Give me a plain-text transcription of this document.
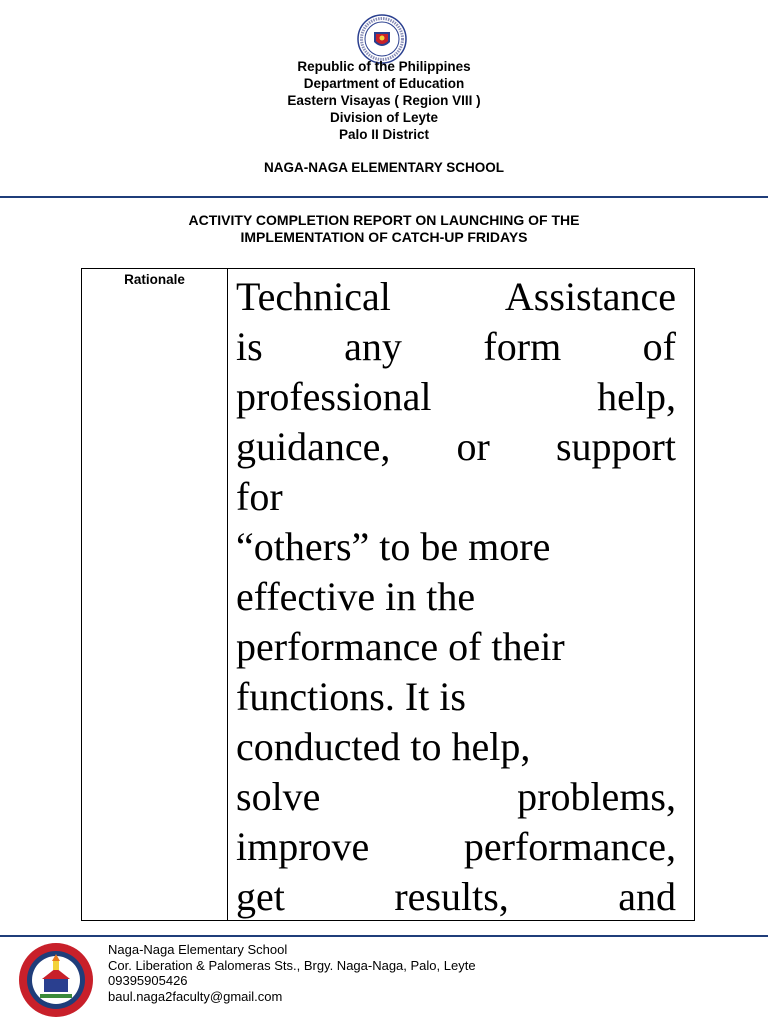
Republic of the Philippines
Department of Education
Eastern Visayas ( Region VIII )
Division of Leyte
Palo II District
NAGA-NAGA ELEMENTARY SCHOOL
ACTIVITY COMPLETION REPORT ON LAUNCHING OF THE
IMPLEMENTATION OF CATCH-UP FRIDAYS
Rationale	Technical	Assistance
is any form of
professional	help,
guidance, or support
for
“others” to be more
effective in the
performance of their
functions. It is
conducted to help,
solve	problems,
improve performance,
get	results,	and
Naga-Naga Elementary School
Cor. Liberation & Palomeras Sts., Brgy. Naga-Naga, Palo, Leyte
09395905426
baul.naga2faculty@gmail.com
